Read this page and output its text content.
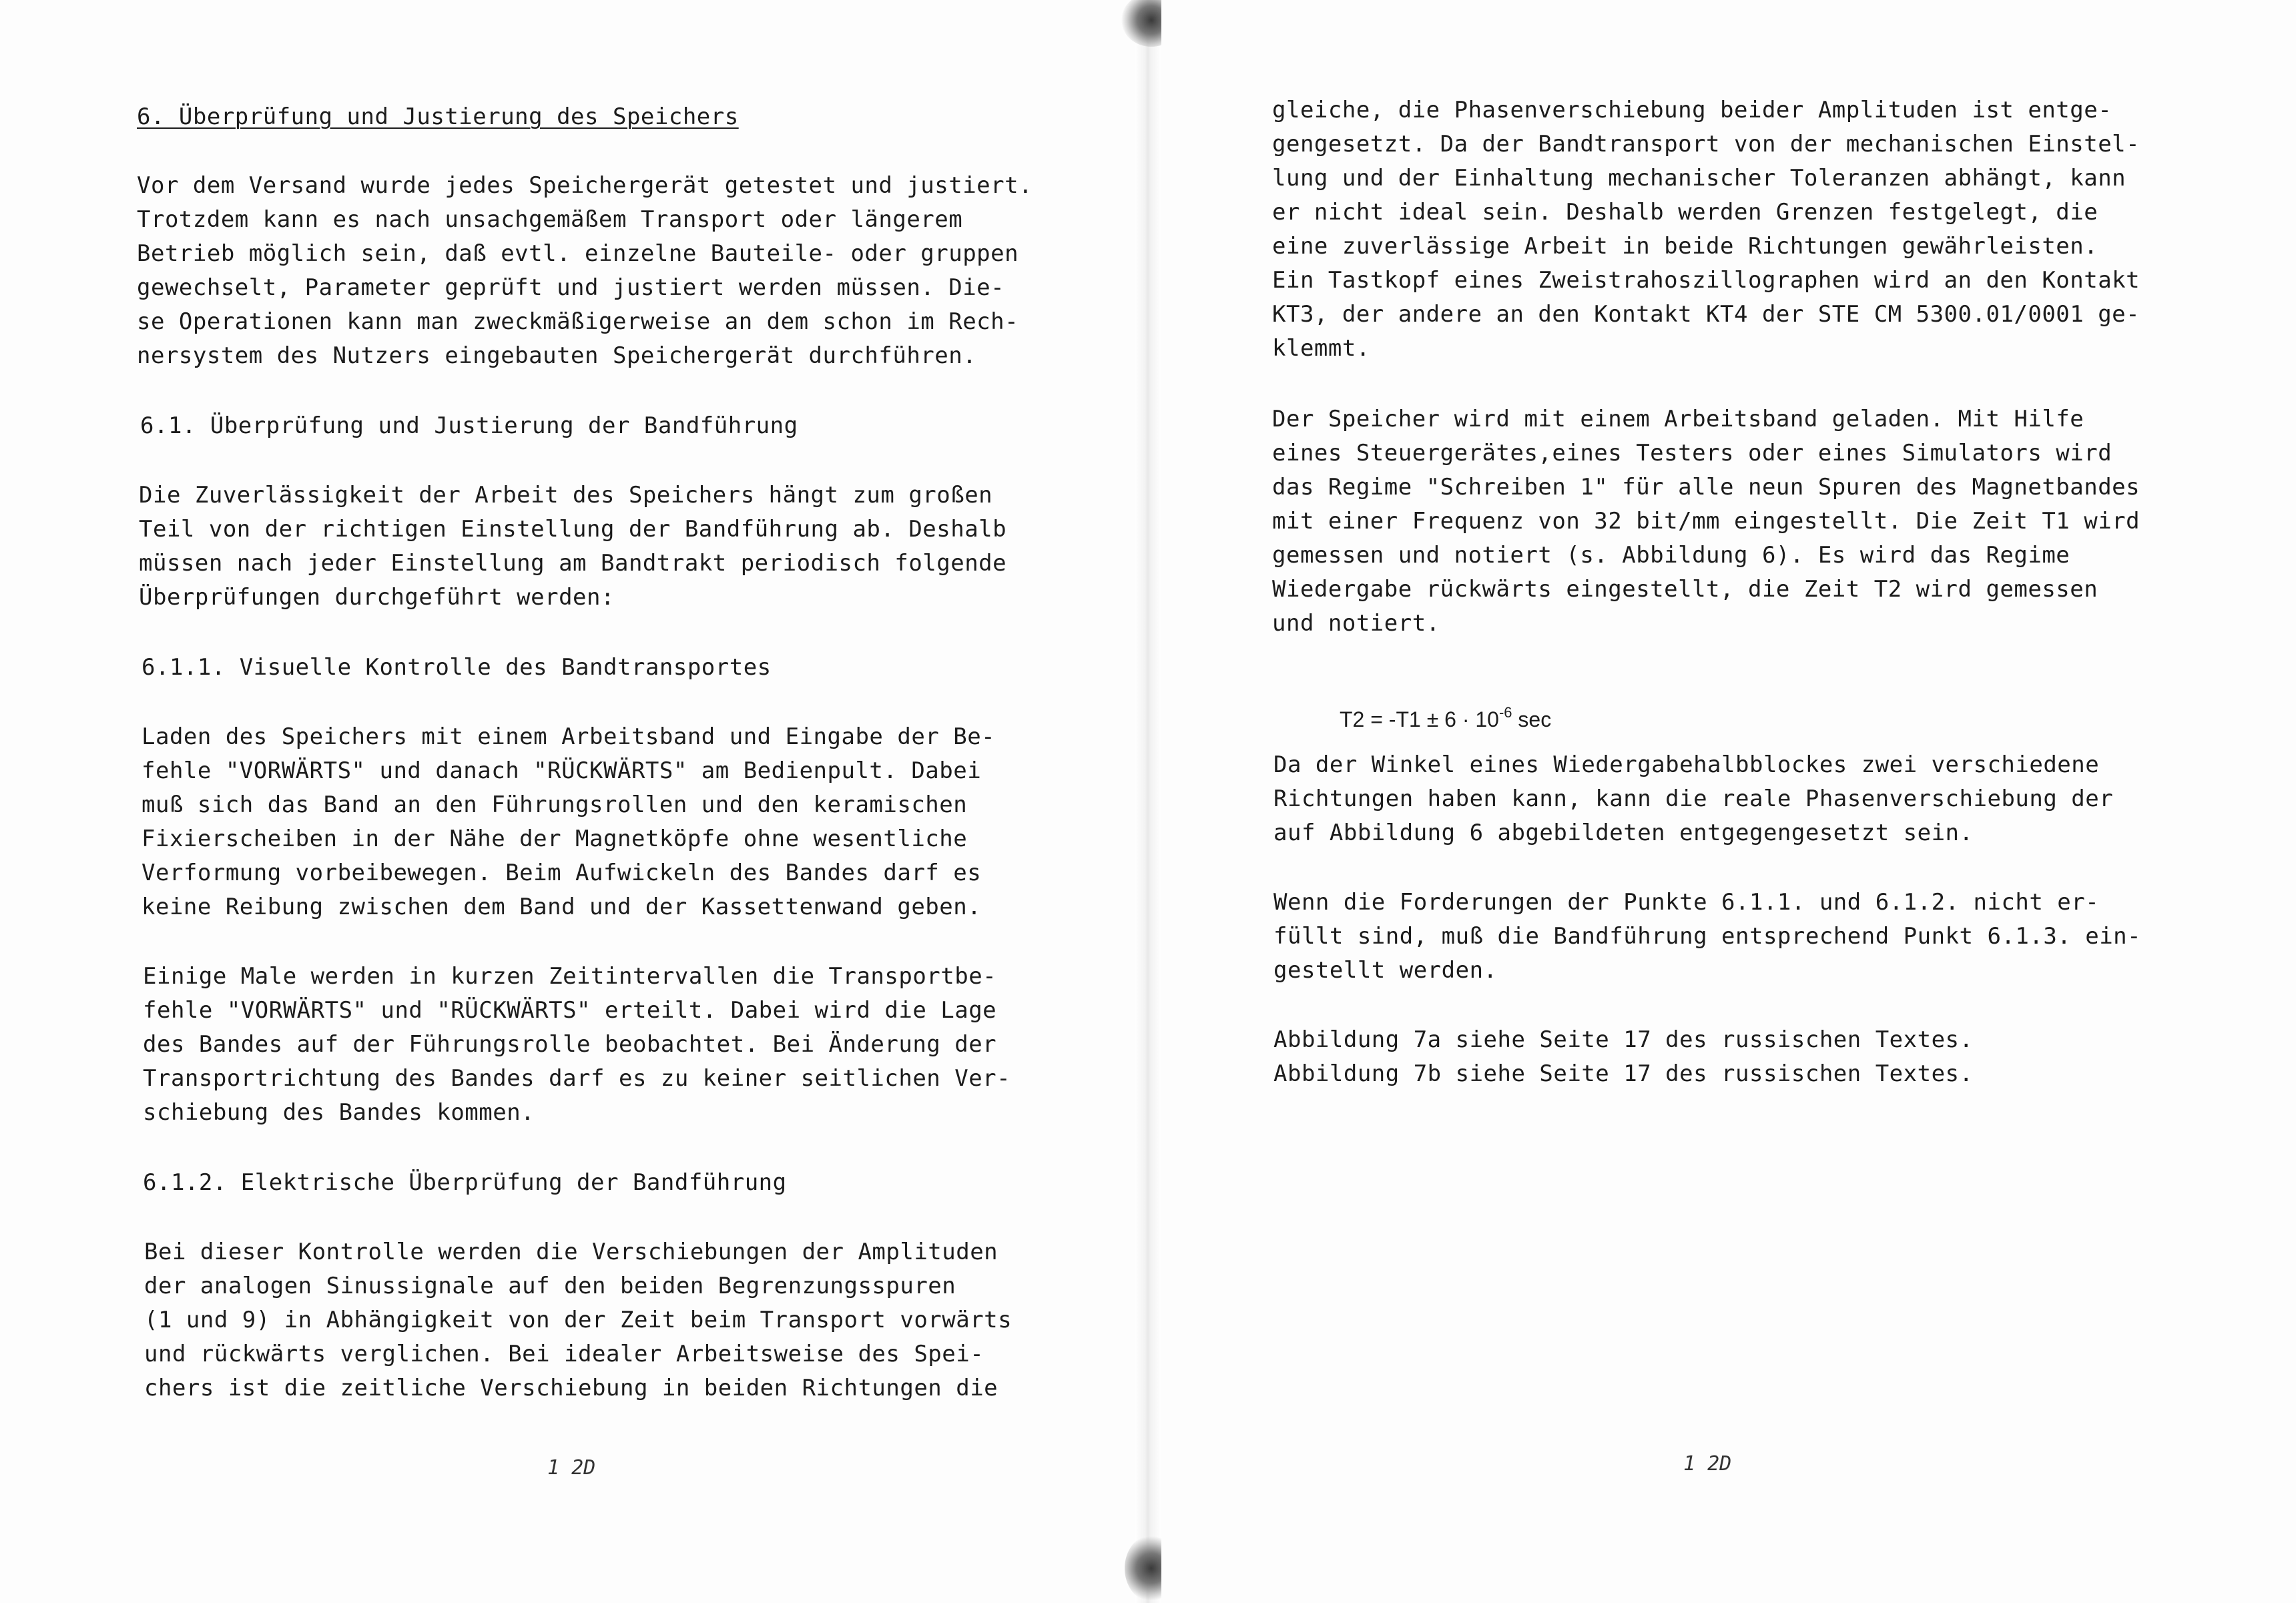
6. Überprüfung und Justierung des Speichers
Vor dem Versand wurde jedes Speichergerät getestet und justiert.
Trotzdem kann es nach unsachgemäßem Transport oder längerem
Betrieb möglich sein, daß evtl. einzelne Bauteile- oder gruppen
gewechselt, Parameter geprüft und justiert werden müssen. Die-
se Operationen kann man zweckmäßigerweise an dem schon im Rech-
nersystem des Nutzers eingebauten Speichergerät durchführen.
6.1. Überprüfung und Justierung der Bandführung
Die Zuverlässigkeit der Arbeit des Speichers hängt zum großen
Teil von der richtigen Einstellung der Bandführung ab. Deshalb
müssen nach jeder Einstellung am Bandtrakt periodisch folgende
Überprüfungen durchgeführt werden:
6.1.1. Visuelle Kontrolle des Bandtransportes
Laden des Speichers mit einem Arbeitsband und Eingabe der Be-
fehle "VORWÄRTS" und danach "RÜCKWÄRTS" am Bedienpult. Dabei
muß sich das Band an den Führungsrollen und den keramischen
Fixierscheiben in der Nähe der Magnetköpfe ohne wesentliche
Verformung vorbeibewegen. Beim Aufwickeln des Bandes darf es
keine Reibung zwischen dem Band und der Kassettenwand geben.
Einige Male werden in kurzen Zeitintervallen die Transportbe-
fehle "VORWÄRTS" und "RÜCKWÄRTS" erteilt. Dabei wird die Lage
des Bandes auf der Führungsrolle beobachtet. Bei Änderung der
Transportrichtung des Bandes darf es zu keiner seitlichen Ver-
schiebung des Bandes kommen.
6.1.2. Elektrische Überprüfung der Bandführung
Bei dieser Kontrolle werden die Verschiebungen der Amplituden
der analogen Sinussignale auf den beiden Begrenzungsspuren
(1 und 9) in Abhängigkeit von der Zeit beim Transport vorwärts
und rückwärts verglichen. Bei idealer Arbeitsweise des Spei-
chers ist die zeitliche Verschiebung in beiden Richtungen die
1 2D
gleiche, die Phasenverschiebung beider Amplituden ist entge-
gengesetzt. Da der Bandtransport von der mechanischen Einstel-
lung und der Einhaltung mechanischer Toleranzen abhängt, kann
er nicht ideal sein. Deshalb werden Grenzen festgelegt, die
eine zuverlässige Arbeit in beide Richtungen gewährleisten.
Ein Tastkopf eines Zweistrahoszillographen wird an den Kontakt
KT3, der andere an den Kontakt KT4 der STE CM 5300.01/0001 ge-
klemmt.
Der Speicher wird mit einem Arbeitsband geladen. Mit Hilfe
eines Steuergerätes,eines Testers oder eines Simulators wird
das Regime "Schreiben 1" für alle neun Spuren des Magnetbandes
mit einer Frequenz von 32 bit/mm eingestellt. Die Zeit T1 wird
gemessen und notiert (s. Abbildung 6). Es wird das Regime
Wiedergabe rückwärts eingestellt, die Zeit T2 wird gemessen
und notiert.

$T2 = -T1 \pm 6 \cdot 10^{-6}$ sec

Da der Winkel eines Wiedergabehalbblockes zwei verschiedene
Richtungen haben kann, kann die reale Phasenverschiebung der
auf Abbildung 6 abgebildeten entgegengesetzt sein.
Wenn die Forderungen der Punkte 6.1.1. und 6.1.2. nicht er-
füllt sind, muß die Bandführung entsprechend Punkt 6.1.3. ein-
gestellt werden.
Abbildung 7a siehe Seite 17 des russischen Textes.
Abbildung 7b siehe Seite 17 des russischen Textes.
1 2D
